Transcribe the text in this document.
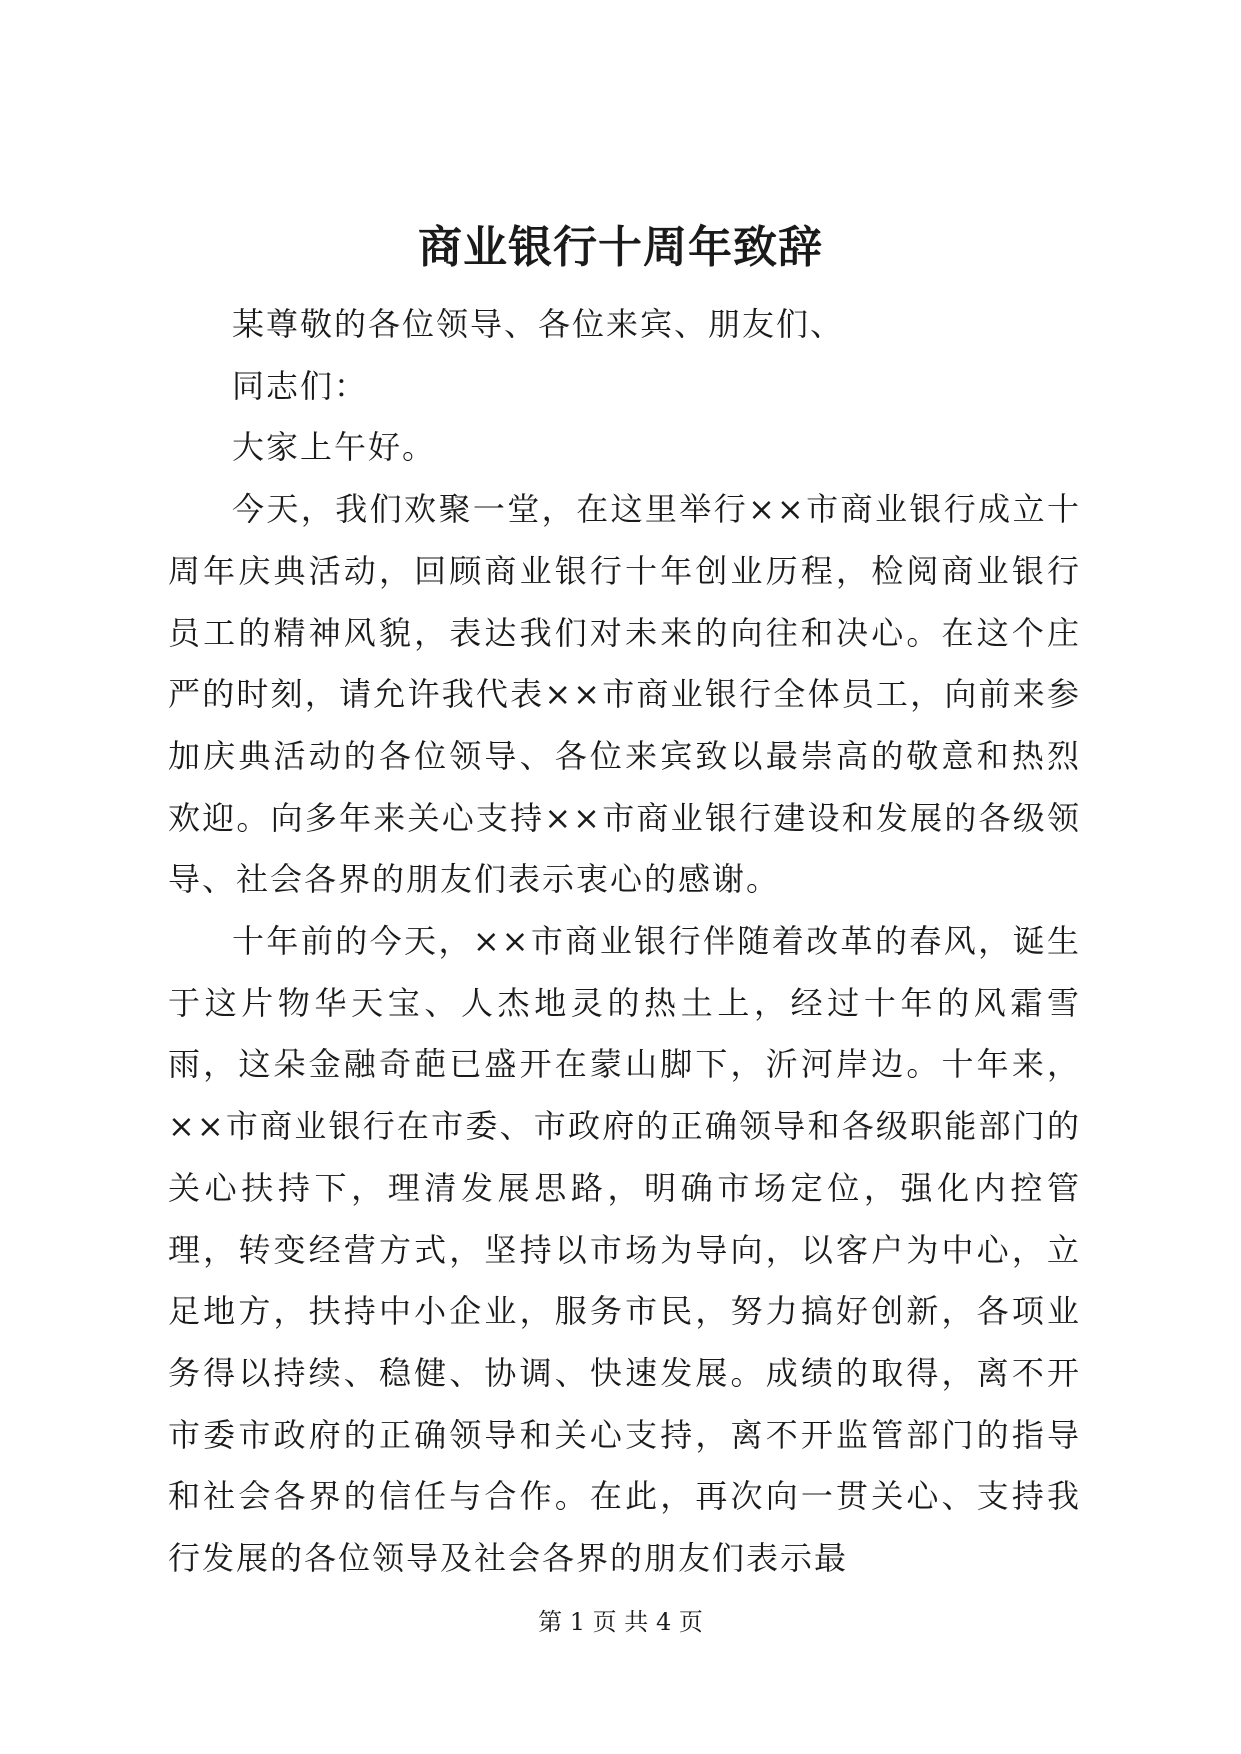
商业银行十周年致辞

某尊敬的各位领导、各位来宾、朋友们、

同志们：

大家上午好。

今天，我们欢聚一堂，在这里举行××市商业银行成立十周年庆典活动，回顾商业银行十年创业历程，检阅商业银行员工的精神风貌，表达我们对未来的向往和决心。在这个庄严的时刻，请允许我代表××市商业银行全体员工，向前来参加庆典活动的各位领导、各位来宾致以最崇高的敬意和热烈欢迎。向多年来关心支持××市商业银行建设和发展的各级领导、社会各界的朋友们表示衷心的感谢。

十年前的今天，××市商业银行伴随着改革的春风，诞生于这片物华天宝、人杰地灵的热土上，经过十年的风霜雪雨，这朵金融奇葩已盛开在蒙山脚下，沂河岸边。十年来，××市商业银行在市委、市政府的正确领导和各级职能部门的关心扶持下，理清发展思路，明确市场定位，强化内控管理，转变经营方式，坚持以市场为导向，以客户为中心，立足地方，扶持中小企业，服务市民，努力搞好创新，各项业务得以持续、稳健、协调、快速发展。成绩的取得，离不开市委市政府的正确领导和关心支持，离不开监管部门的指导和社会各界的信任与合作。在此，再次向一贯关心、支持我行发展的各位领导及社会各界的朋友们表示最

第 1 页 共 4 页
